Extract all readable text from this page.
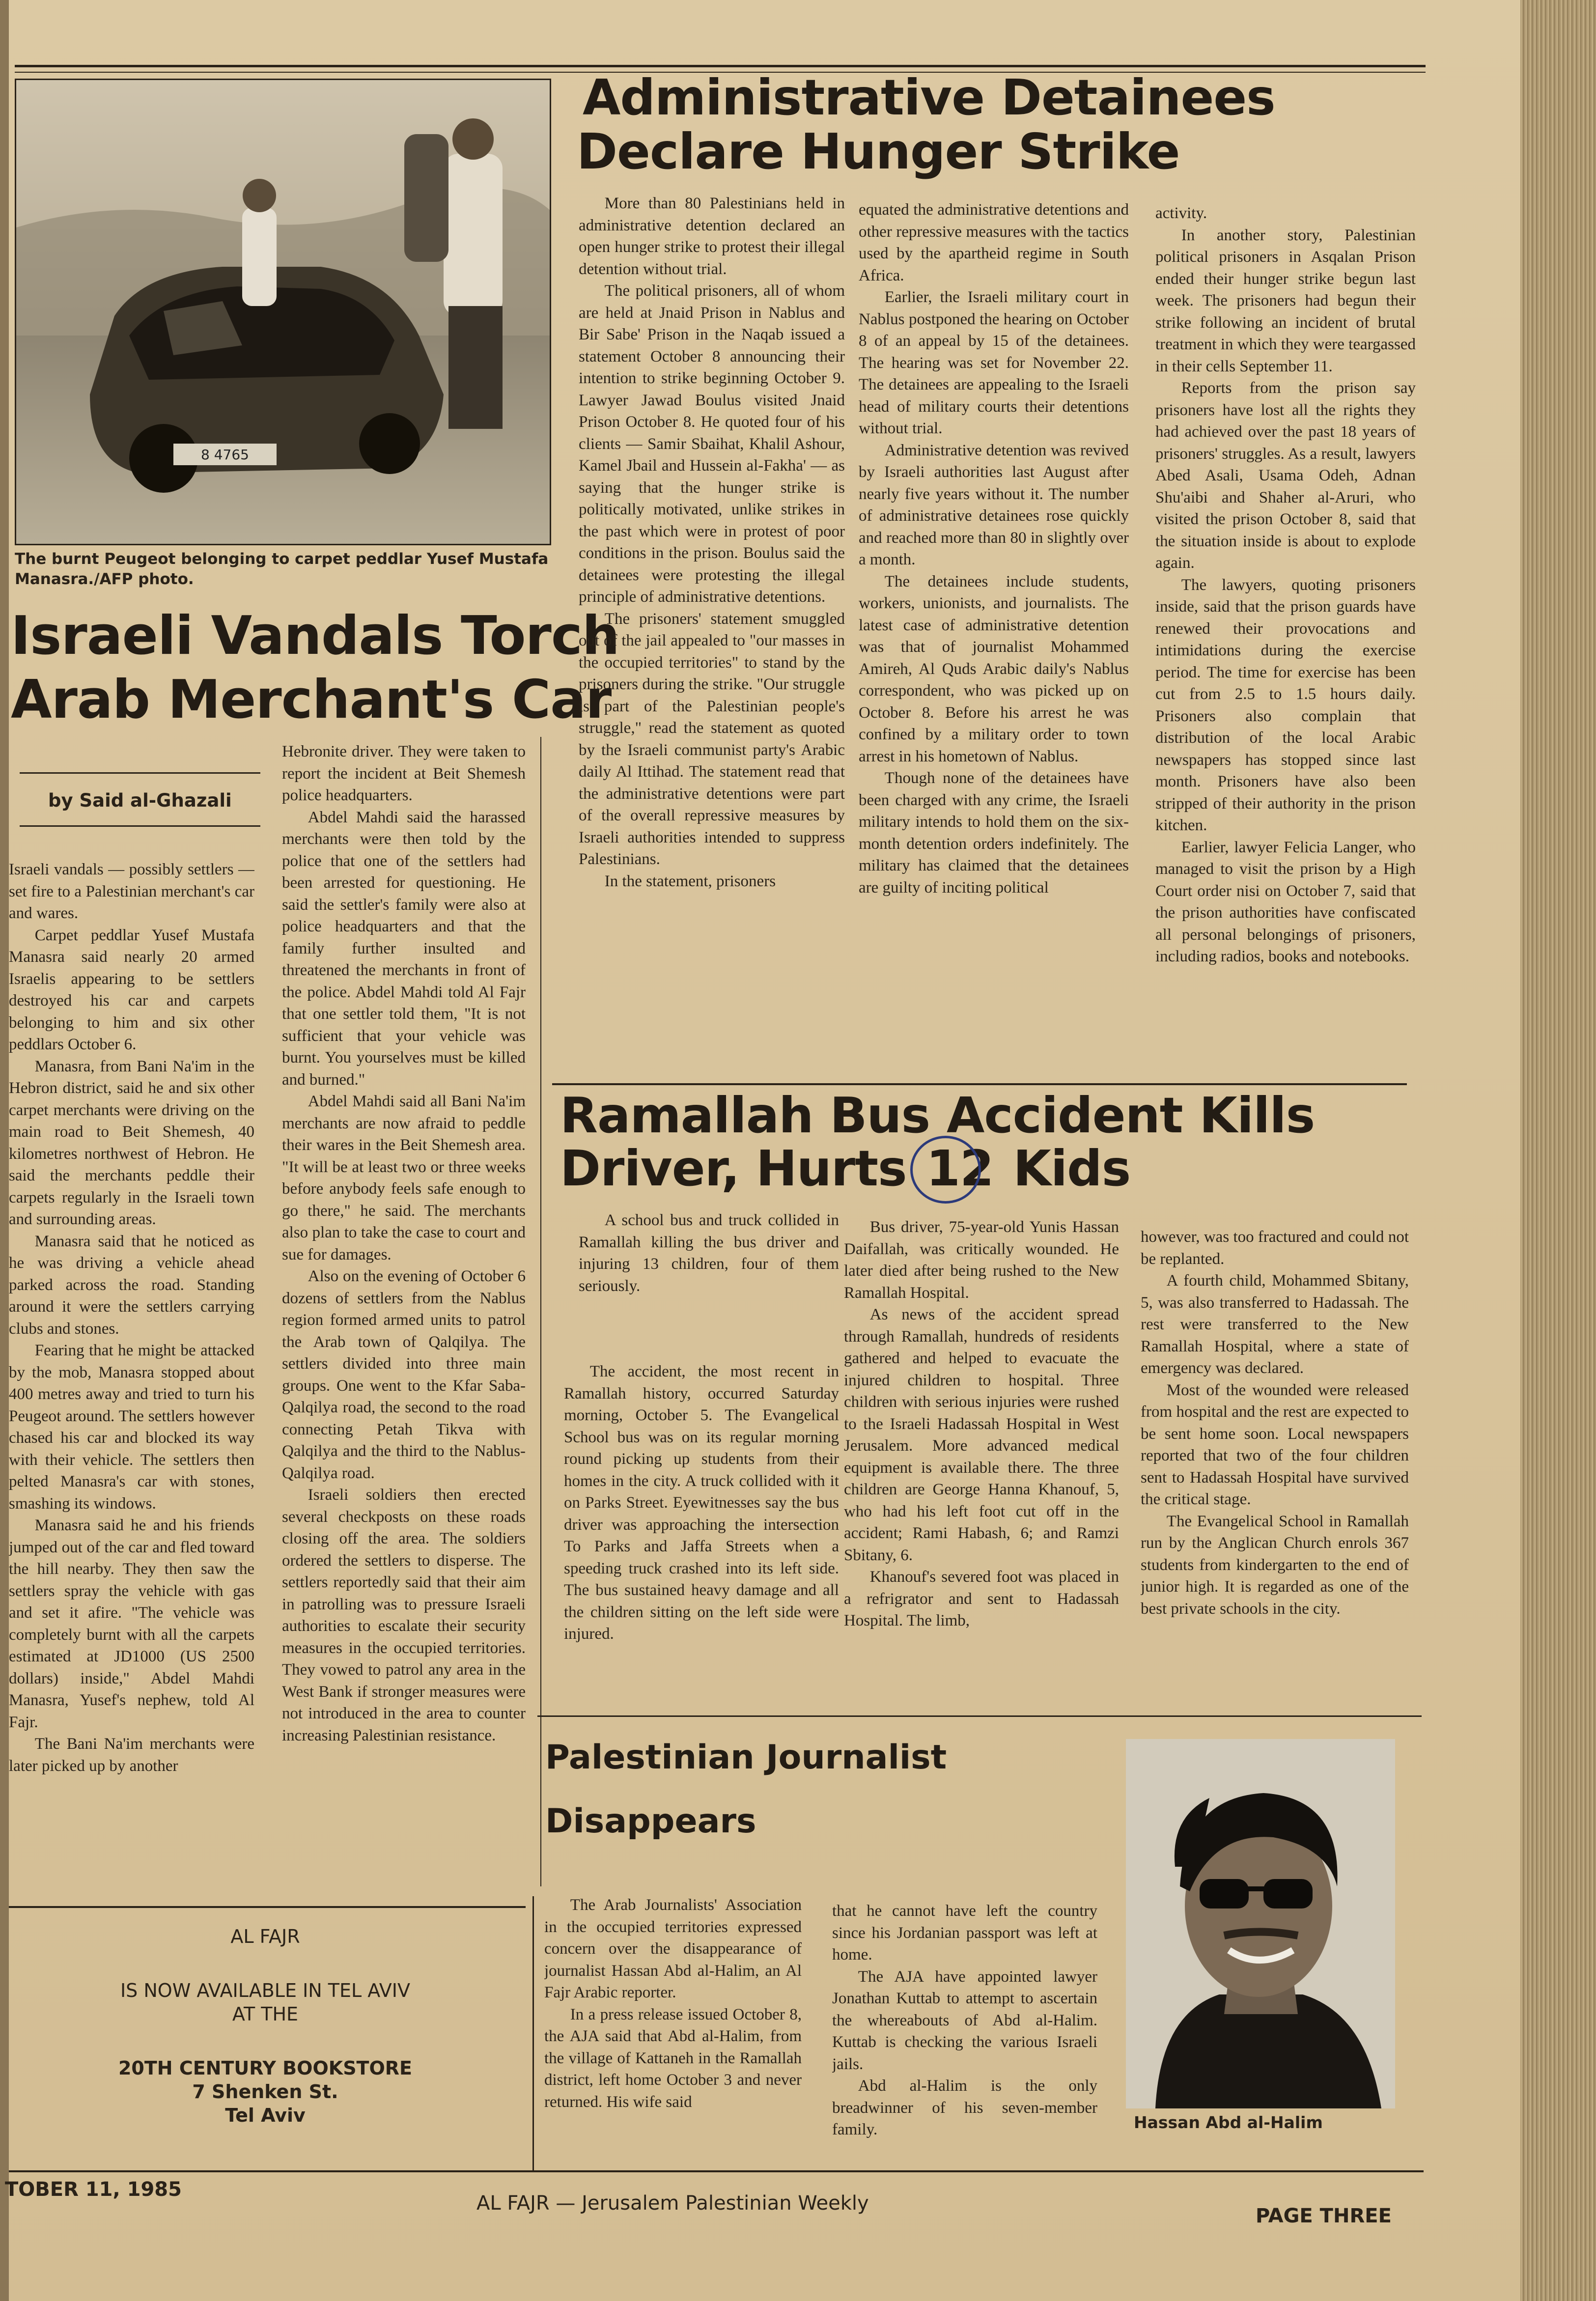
8 4765
The burnt Peugeot belonging to carpet peddlar Yusef Mustafa Manasra./AFP photo.
Israeli Vandals Torch
Arab Merchant's Car
by Said al-Ghazali

Israeli vandals — possibly settlers — set fire to a Palestinian merchant's car and wares.

Carpet peddlar Yusef Mustafa Manasra said nearly 20 armed Israelis appearing to be settlers destroyed his car and carpets belonging to him and six other peddlars October 6.

Manasra, from Bani Na'im in the Hebron district, said he and six other carpet merchants were driving on the main road to Beit Shemesh, 40 kilometres northwest of Hebron. He said the merchants peddle their carpets regularly in the Israeli town and surrounding areas.

Manasra said that he noticed as he was driving a vehicle ahead parked across the road. Standing around it were the settlers carrying clubs and stones.

Fearing that he might be attacked by the mob, Manasra stopped about 400 metres away and tried to turn his Peugeot around. The settlers however chased his car and blocked its way with their vehicle. The settlers then pelted Manasra's car with stones, smashing its windows.

Manasra said he and his friends jumped out of the car and fled toward the hill nearby. They then saw the settlers spray the vehicle with gas and set it afire. "The vehicle was completely burnt with all the carpets estimated at JD1000 (US 2500 dollars) inside," Abdel Mahdi Manasra, Yusef's nephew, told Al Fajr.

The Bani Na'im merchants were later picked up by another

Hebronite driver. They were taken to report the incident at Beit Shemesh police headquarters.

Abdel Mahdi said the harassed merchants were then told by the police that one of the settlers had been arrested for questioning. He said the settler's family were also at police headquarters and that the family further insulted and threatened the merchants in front of the police. Abdel Mahdi told Al Fajr that one settler told them, "It is not sufficient that your vehicle was burnt. You yourselves must be killed and burned."

Abdel Mahdi said all Bani Na'im merchants are now afraid to peddle their wares in the Beit Shemesh area. "It will be at least two or three weeks before anybody feels safe enough to go there," he said. The merchants also plan to take the case to court and sue for damages.

Also on the evening of October 6 dozens of settlers from the Nablus region formed armed units to patrol the Arab town of Qalqilya. The settlers divided into three main groups. One went to the Kfar Saba-Qalqilya road, the second to the road connecting Petah Tikva with Qalqilya and the third to the Nablus-Qalqilya road.

Israeli soldiers then erected several checkposts on these roads closing off the area. The soldiers ordered the settlers to disperse. The settlers reportedly said that their aim in patrolling was to pressure Israeli authorities to escalate their security measures in the occupied territories. They vowed to patrol any area in the West Bank if stronger measures were not introduced in the area to counter increasing Palestinian resistance.

AL FAJR
IS NOW AVAILABLE IN TEL AVIV
AT THE
20TH CENTURY BOOKSTORE
7 Shenken St.
Tel Aviv
Administrative Detainees
Declare Hunger Strike

More than 80 Palestinians held in administrative detention declared an open hunger strike to protest their illegal detention without trial.

The political prisoners, all of whom are held at Jnaid Prison in Nablus and Bir Sabe' Prison in the Naqab issued a statement October 8 announcing their intention to strike beginning October 9. Lawyer Jawad Boulus visited Jnaid Prison October 8. He quoted four of his clients — Samir Sbaihat, Khalil Ashour, Kamel Jbail and Hussein al-Fakha' — as saying that the hunger strike is politically motivated, unlike strikes in the past which were in protest of poor conditions in the prison. Boulus said the detainees were protesting the illegal principle of administrative detentions.

The prisoners' statement smuggled out of the jail appealed to "our masses in the occupied territories" to stand by the prisoners during the strike. "Our struggle is part of the Palestinian people's struggle," read the statement as quoted by the Israeli communist party's Arabic daily Al Ittihad. The statement read that the administrative detentions were part of the overall repressive measures by Israeli authorities intended to suppress Palestinians.

In the statement, prisoners

equated the administrative detentions and other repressive measures with the tactics used by the apartheid regime in South Africa.

Earlier, the Israeli military court in Nablus postponed the hearing on October 8 of an appeal by 15 of the detainees. The hearing was set for November 22. The detainees are appealing to the Israeli head of military courts their detentions without trial.

Administrative detention was revived by Israeli authorities last August after nearly five years without it. The number of administrative detainees rose quickly and reached more than 80 in slightly over a month.

The detainees include students, workers, unionists, and journalists. The latest case of administrative detention was that of journalist Mohammed Amireh, Al Quds Arabic daily's Nablus correspondent, who was picked up on October 8. Before his arrest he was confined by a military order to town arrest in his hometown of Nablus.

Though none of the detainees have been charged with any crime, the Israeli military intends to hold them on the six-month detention orders indefinitely. The military has claimed that the detainees are guilty of inciting political

activity.

In another story, Palestinian political prisoners in Asqalan Prison ended their hunger strike begun last week. The prisoners had begun their strike following an incident of brutal treatment in which they were teargassed in their cells September 11.

Reports from the prison say prisoners have lost all the rights they had achieved over the past 18 years of prisoners' struggles. As a result, lawyers Abed Asali, Usama Odeh, Adnan Shu'aibi and Shaher al-Aruri, who visited the prison October 8, said that the situation inside is about to explode again.

The lawyers, quoting prisoners inside, said that the prison guards have renewed their provocations and intimidations during the exercise period. The time for exercise has been cut from 2.5 to 1.5 hours daily. Prisoners also complain that distribution of the local Arabic newspapers has stopped since last month. Prisoners have also been stripped of their authority in the prison kitchen.

Earlier, lawyer Felicia Langer, who managed to visit the prison by a High Court order nisi on October 7, said that the prison authorities have confiscated all personal belongings of prisoners, including radios, books and notebooks.

Ramallah Bus Accident Kills
Driver, Hurts 12 Kids

A school bus and truck collided in Ramallah killing the bus driver and injuring 13 children, four of them seriously.

The accident, the most recent in Ramallah history, occurred Saturday morning, October 5. The Evangelical School bus was on its regular morning round picking up students from their homes in the city. A truck collided with it on Parks Street. Eyewitnesses say the bus driver was approaching the intersection To Parks and Jaffa Streets when a speeding truck crashed into its left side. The bus sustained heavy damage and all the children sitting on the left side were injured.

Bus driver, 75-year-old Yunis Hassan Daifallah, was critically wounded. He later died after being rushed to the New Ramallah Hospital.

As news of the accident spread through Ramallah, hundreds of residents gathered and helped to evacuate the injured children to hospital. Three children with serious injuries were rushed to the Israeli Hadassah Hospital in West Jerusalem. More advanced medical equipment is available there. The three children are George Hanna Khanouf, 5, who had his left foot cut off in the accident; Rami Habash, 6; and Ramzi Sbitany, 6.

Khanouf's severed foot was placed in a refrigrator and sent to Hadassah Hospital. The limb,

however, was too fractured and could not be replanted.

A fourth child, Mohammed Sbitany, 5, was also transferred to Hadassah. The rest were transferred to the New Ramallah Hospital, where a state of emergency was declared.

Most of the wounded were released from hospital and the rest are expected to be sent home soon. Local newspapers reported that two of the four children sent to Hadassah Hospital have survived the critical stage.

The Evangelical School in Ramallah run by the Anglican Church enrols 367 students from kindergarten to the end of junior high. It is regarded as one of the best private schools in the city.

Palestinian Journalist
Disappears

The Arab Journalists' Association in the occupied territories expressed concern over the disappearance of journalist Hassan Abd al-Halim, an Al Fajr Arabic reporter.

In a press release issued October 8, the AJA said that Abd al-Halim, from the village of Kattaneh in the Ramallah district, left home October 3 and never returned. His wife said

that he cannot have left the country since his Jordanian passport was left at home.

The AJA have appointed lawyer Jonathan Kuttab to attempt to ascertain the whereabouts of Abd al-Halim. Kuttab is checking the various Israeli jails.

Abd al-Halim is the only breadwinner of his seven-member family.	Hassan Abd al-Halim
TOBER 11, 1985
AL FAJR — Jerusalem Palestinian Weekly
PAGE THREE
